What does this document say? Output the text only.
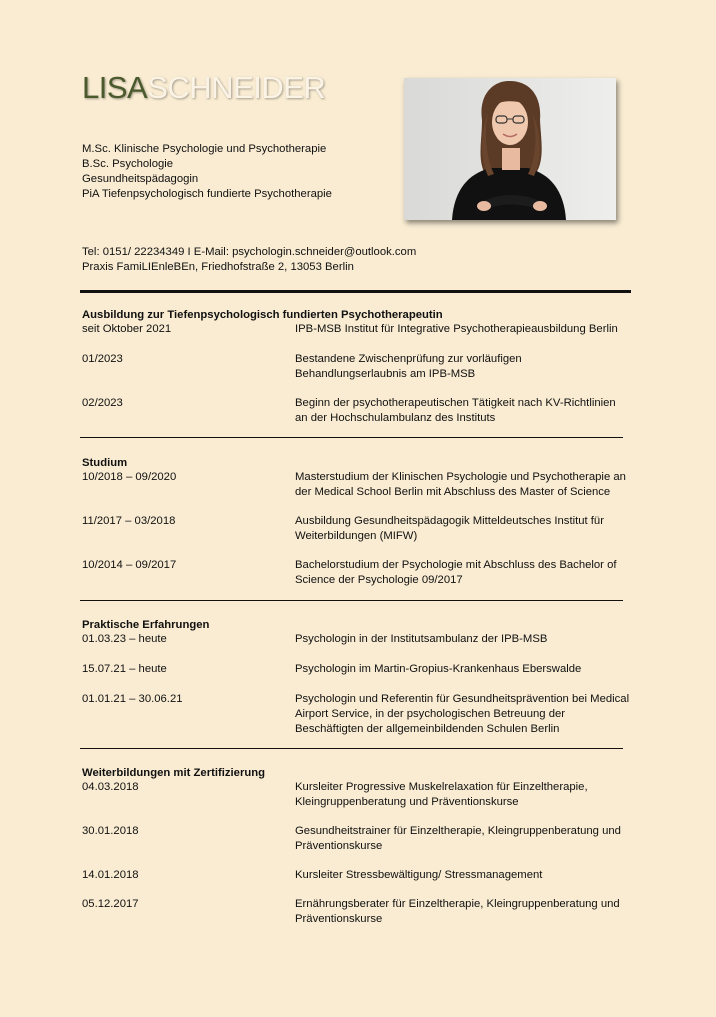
LISASCHNEIDER
M.Sc. Klinische Psychologie und Psychotherapie
B.Sc. Psychologie
Gesundheitspädagogin
PiA Tiefenpsychologisch fundierte Psychotherapie
Tel: 0151/ 22234349 I E-Mail: psychologin.schneider@outlook.com
Praxis FamiLIEnleBEn, Friedhofstraße 2, 13053 Berlin
Ausbildung zur Tiefenpsychologisch fundierten Psychotherapeutin
seit Oktober 2021	IPB-MSB Institut für Integrative Psychotherapieausbildung Berlin
01/2023	Bestandene Zwischenprüfung zur vorläufigen Behandlungserlaubnis am IPB-MSB
02/2023	Beginn der psychotherapeutischen Tätigkeit nach KV-Richtlinien an der Hochschulambulanz des Instituts
Studium
10/2018 – 09/2020	Masterstudium der Klinischen Psychologie und Psychotherapie an der Medical School Berlin mit Abschluss des Master of Science
11/2017 – 03/2018	Ausbildung Gesundheitspädagogik Mitteldeutsches Institut für Weiterbildungen (MIFW)
10/2014 – 09/2017	Bachelorstudium der Psychologie mit Abschluss des Bachelor of Science der Psychologie 09/2017
Praktische Erfahrungen
01.03.23 – heute	Psychologin in der Institutsambulanz der IPB-MSB
15.07.21 – heute	Psychologin im Martin-Gropius-Krankenhaus Eberswalde
01.01.21 – 30.06.21	Psychologin und Referentin für Gesundheitsprävention bei Medical Airport Service, in der psychologischen Betreuung der Beschäftigten der allgemeinbildenden Schulen Berlin
Weiterbildungen mit Zertifizierung
04.03.2018	Kursleiter Progressive Muskelrelaxation für Einzeltherapie, Kleingruppenberatung und Präventionskurse
30.01.2018	Gesundheitstrainer für Einzeltherapie, Kleingruppenberatung und Präventionskurse
14.01.2018	Kursleiter Stressbewältigung/ Stressmanagement
05.12.2017	Ernährungsberater für Einzeltherapie, Kleingruppenberatung und Präventionskurse
